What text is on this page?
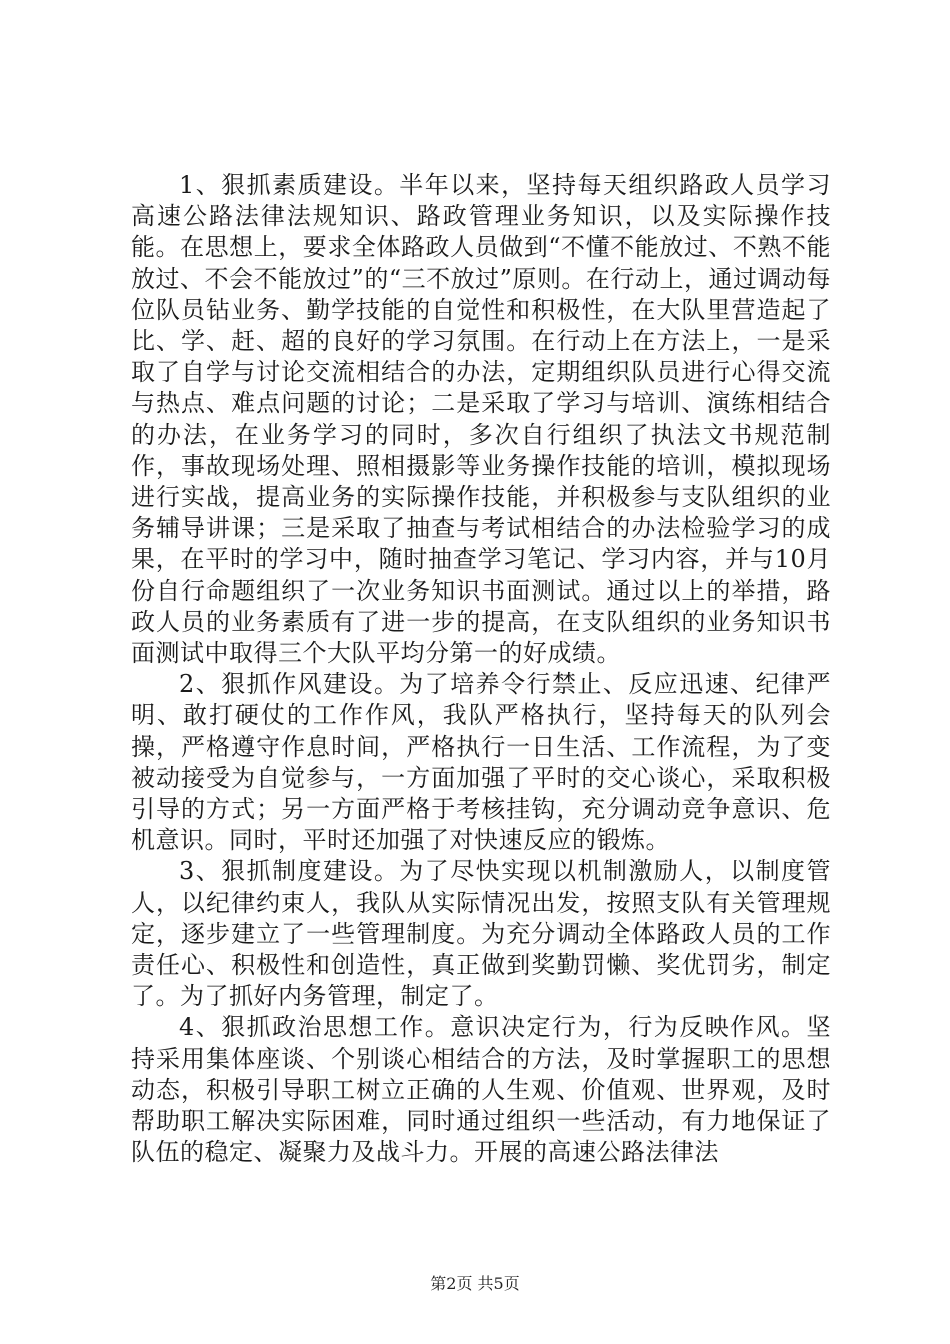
1、狠抓素质建设。半年以来，坚持每天组织路政人员学习高速公路法律法规知识、路政管理业务知识，以及实际操作技能。在思想上，要求全体路政人员做到“不懂不能放过、不熟不能放过、不会不能放过”的“三不放过”原则。在行动上，通过调动每位队员钻业务、勤学技能的自觉性和积极性，在大队里营造起了比、学、赶、超的良好的学习氛围。在行动上在方法上，一是采取了自学与讨论交流相结合的办法，定期组织队员进行心得交流与热点、难点问题的讨论；二是采取了学习与培训、演练相结合的办法，在业务学习的同时，多次自行组织了执法文书规范制作，事故现场处理、照相摄影等业务操作技能的培训，模拟现场进行实战，提高业务的实际操作技能，并积极参与支队组织的业务辅导讲课；三是采取了抽查与考试相结合的办法检验学习的成果，在平时的学习中，随时抽查学习笔记、学习内容，并与10月份自行命题组织了一次业务知识书面测试。通过以上的举措，路政人员的业务素质有了进一步的提高，在支队组织的业务知识书面测试中取得三个大队平均分第一的好成绩。

2、狠抓作风建设。为了培养令行禁止、反应迅速、纪律严明、敢打硬仗的工作作风，我队严格执行，坚持每天的队列会操，严格遵守作息时间，严格执行一日生活、工作流程，为了变被动接受为自觉参与，一方面加强了平时的交心谈心，采取积极引导的方式；另一方面严格于考核挂钩，充分调动竞争意识、危机意识。同时，平时还加强了对快速反应的锻炼。

3、狠抓制度建设。为了尽快实现以机制激励人，以制度管人，以纪律约束人，我队从实际情况出发，按照支队有关管理规定，逐步建立了一些管理制度。为充分调动全体路政人员的工作责任心、积极性和创造性，真正做到奖勤罚懒、奖优罚劣，制定了。为了抓好内务管理，制定了。

4、狠抓政治思想工作。意识决定行为，行为反映作风。坚持采用集体座谈、个别谈心相结合的方法，及时掌握职工的思想动态，积极引导职工树立正确的人生观、价值观、世界观，及时帮助职工解决实际困难，同时通过组织一些活动，有力地保证了队伍的稳定、凝聚力及战斗力。开展的高速公路法律法

第2页 共5页
